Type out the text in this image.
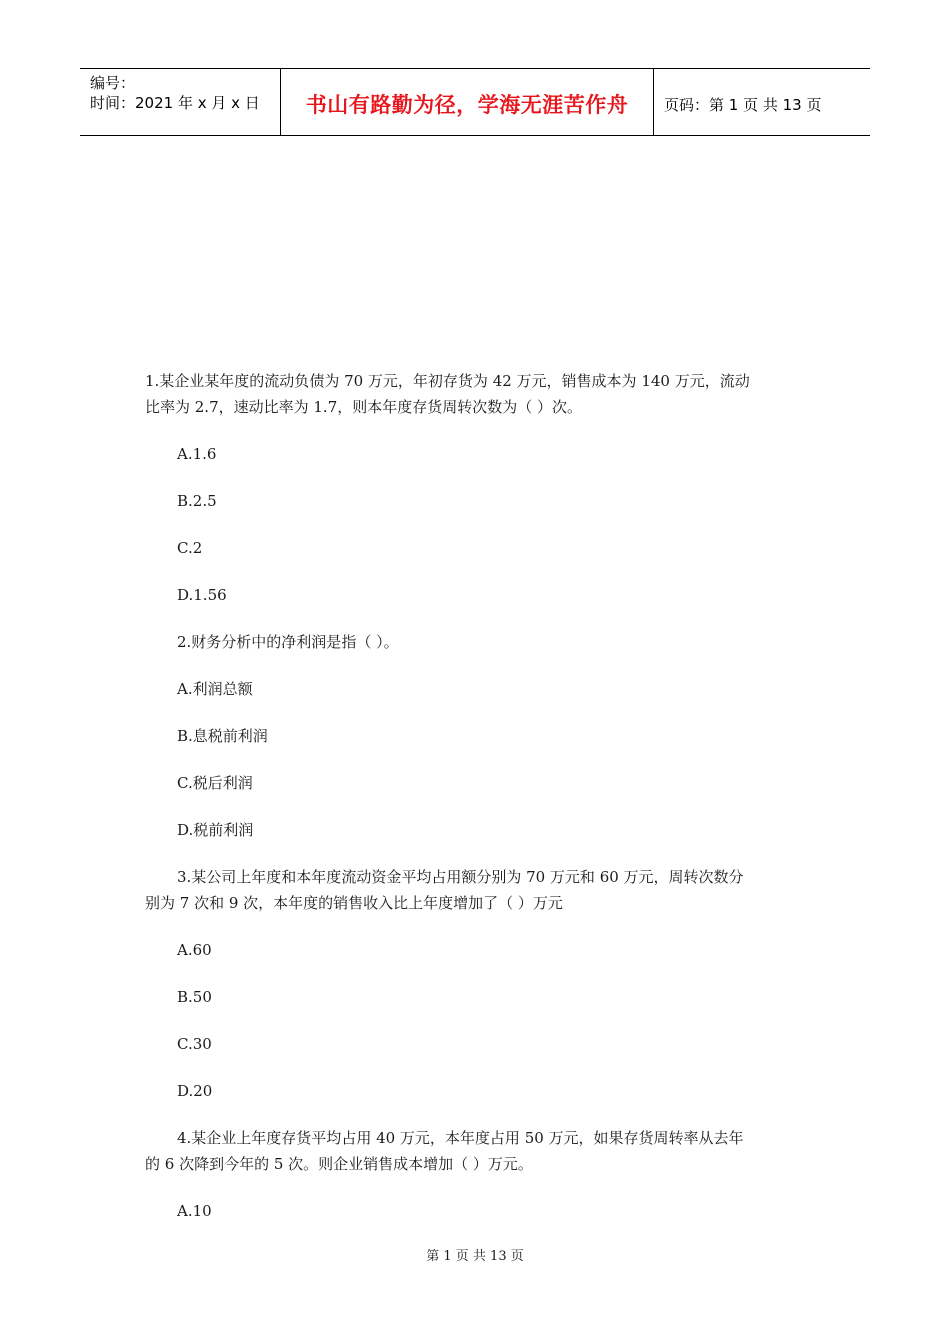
编号：
时间：2021 年 x 月 x 日	书山有路勤为径，学海无涯苦作舟 页码：第 1 页 共 13 页
1.某企业某年度的流动负债为 70 万元，年初存货为 42 万元，销售成本为 140 万元，流动
比率为 2.7，速动比率为 1.7，则本年度存货周转次数为（ ）次。
A.1.6
B.2.5
C.2
D.1.56
2.财务分析中的净利润是指（ ）。
A.利润总额
B.息税前利润
C.税后利润
D.税前利润
3.某公司上年度和本年度流动资金平均占用额分别为 70 万元和 60 万元，周转次数分
别为 7 次和 9 次，本年度的销售收入比上年度增加了（ ）万元
A.60
B.50
C.30
D.20
4.某企业上年度存货平均占用 40 万元，本年度占用 50 万元，如果存货周转率从去年
的 6 次降到今年的 5 次。则企业销售成本增加（ ）万元。
A.10
第 1 页 共 13 页
